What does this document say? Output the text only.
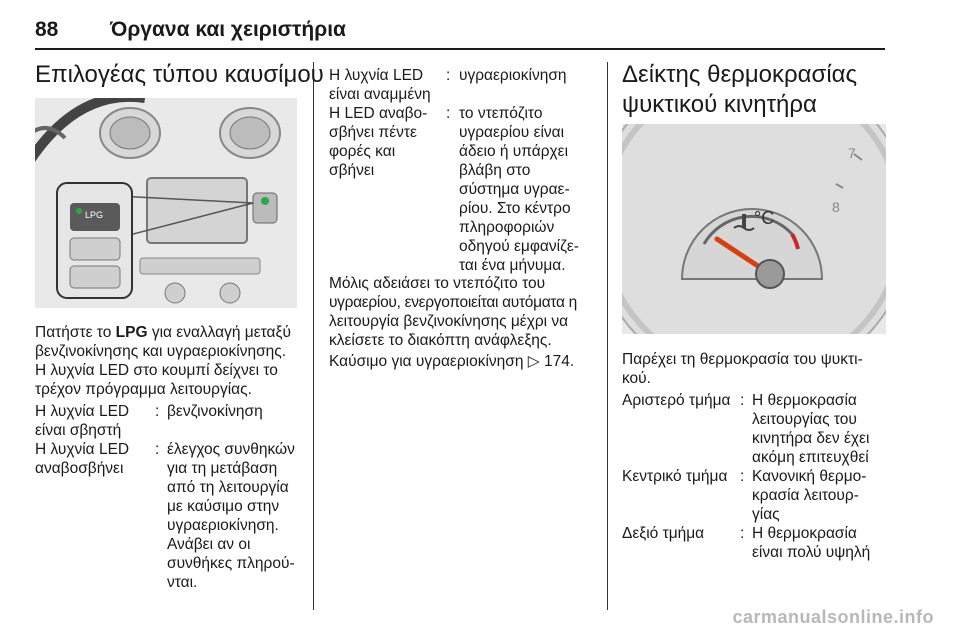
88 Όργανα και χειριστήρια
Επιλογέας τύπου καυσίμου
LPG
Πατήστε το LPG για εναλλαγή μεταξύ
βενζινοκίνησης και υγραεριοκίνησης.
Η λυχνία LED στο κουμπί δείχνει το
τρέχον πρόγραμμα λειτουργίας.
Η λυχνία LED
είναι σβηστή
: βενζινοκίνηση
Η λυχνία LED
αναβοσβήνει
: έλεγχος συνθηκών
για τη μετάβαση
από τη λειτουργία
με καύσιμο στην
υγραεριοκίνηση.
Ανάβει αν οι
συνθήκες πληρού-
νται.
Η λυχνία LED
είναι αναμμένη
: υγραεριοκίνηση
Η LED αναβο-
σβήνει πέντε
φορές και
σβήνει
: το ντεπόζιτο
υγραερίου είναι
άδειο ή υπάρχει
βλάβη στο
σύστημα υγραε-
ρίου. Στο κέντρο
πληροφοριών
οδηγού εμφανίζε-
ται ένα μήνυμα.
Μόλις αδειάσει το ντεπόζιτο του
υγραερίου, ενεργοποιείται αυτόματα η
λειτουργία βενζινοκίνησης μέχρι να
κλείσετε το διακόπτη ανάφλεξης.
Καύσιμο για υγραεριοκίνηση ▷ 174.
Δείκτης θερμοκρασίας
ψυκτικού κινητήρα
7
8
°C
Παρέχει τη θερμοκρασία του ψυκτι-
κού.
Αριστερό τμήμα : Η θερμοκρασία
λειτουργίας του
κινητήρα δεν έχει
ακόμη επιτευχθεί
Κεντρικό τμήμα : Κανονική θερμο-
κρασία λειτουρ-
γίας
Δεξιό τμήμα : Η θερμοκρασία
είναι πολύ υψηλή
carmanualsonline.info
